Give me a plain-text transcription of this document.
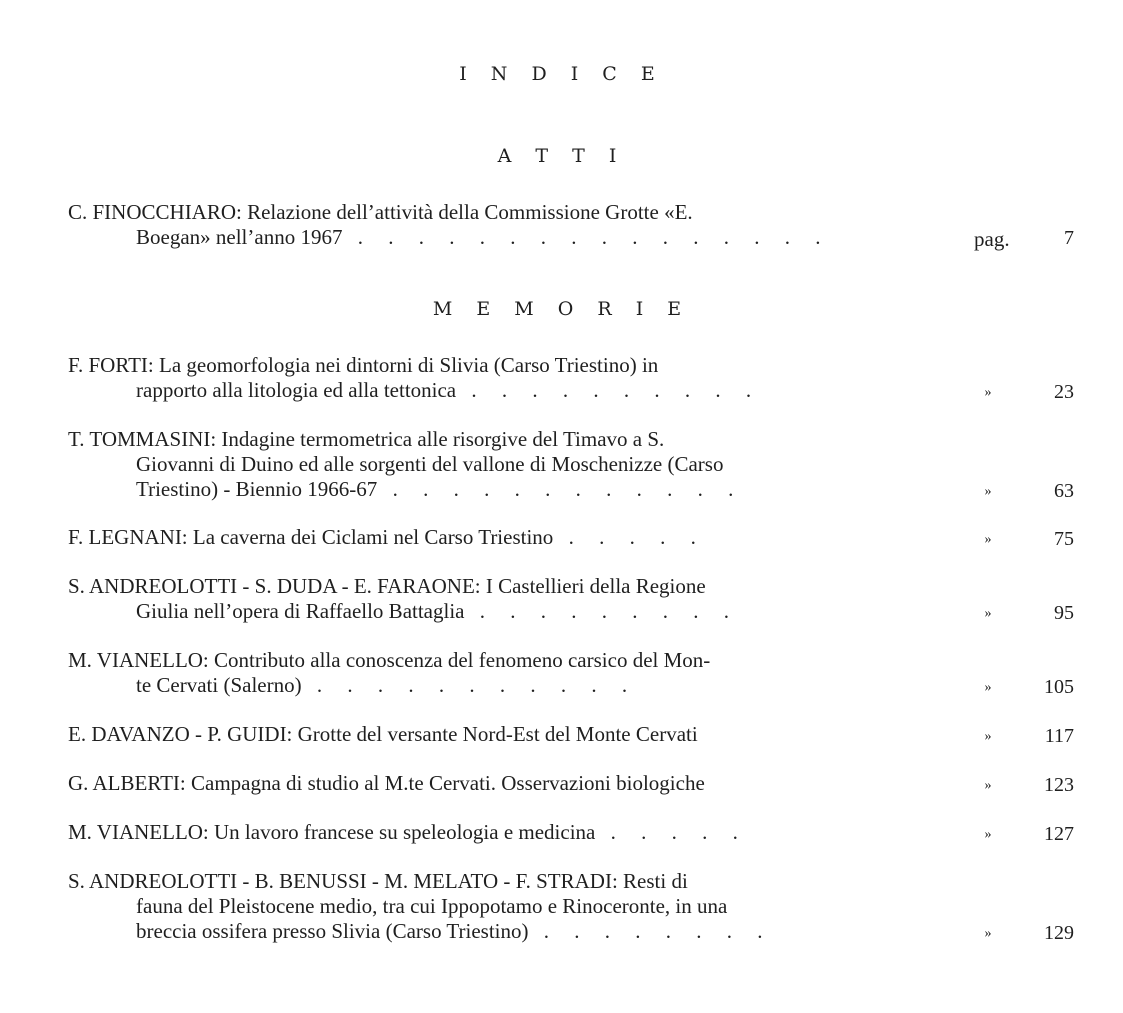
I N D I C E
A T T I
C. FINOCCHIARO: Relazione dell’attività della Commissione Grotte «E.
Boegan» nell’anno 1967 . . . . . . . . . . . . . . . .	pag.	7
M E M O R I E
F. FORTI: La geomorfologia nei dintorni di Slivia (Carso Triestino) in
rapporto alla litologia ed alla tettonica . . . . . . . . . .	»	23
T. TOMMASINI: Indagine termometrica alle risorgive del Timavo a S.
Giovanni di Duino ed alle sorgenti del vallone di Moschenizze (Carso
Triestino) - Biennio 1966-67 . . . . . . . . . . . .	»	63
F. LEGNANI: La caverna dei Ciclami nel Carso Triestino . . . . .	»	75
S. ANDREOLOTTI - S. DUDA - E. FARAONE: I Castellieri della Regione
Giulia nell’opera di Raffaello Battaglia . . . . . . . . .	»	95
M. VIANELLO: Contributo alla conoscenza del fenomeno carsico del Mon-
te Cervati (Salerno) . . . . . . . . . . .	»	105
E. DAVANZO - P. GUIDI: Grotte del versante Nord-Est del Monte Cervati	»	117
G. ALBERTI: Campagna di studio al M.te Cervati. Osservazioni biologiche	»	123
M. VIANELLO: Un lavoro francese su speleologia e medicina . . . . .	»	127
S. ANDREOLOTTI - B. BENUSSI - M. MELATO - F. STRADI: Resti di
fauna del Pleistocene medio, tra cui Ippopotamo e Rinoceronte, in una
breccia ossifera presso Slivia (Carso Triestino) . . . . . . . .	»	129
